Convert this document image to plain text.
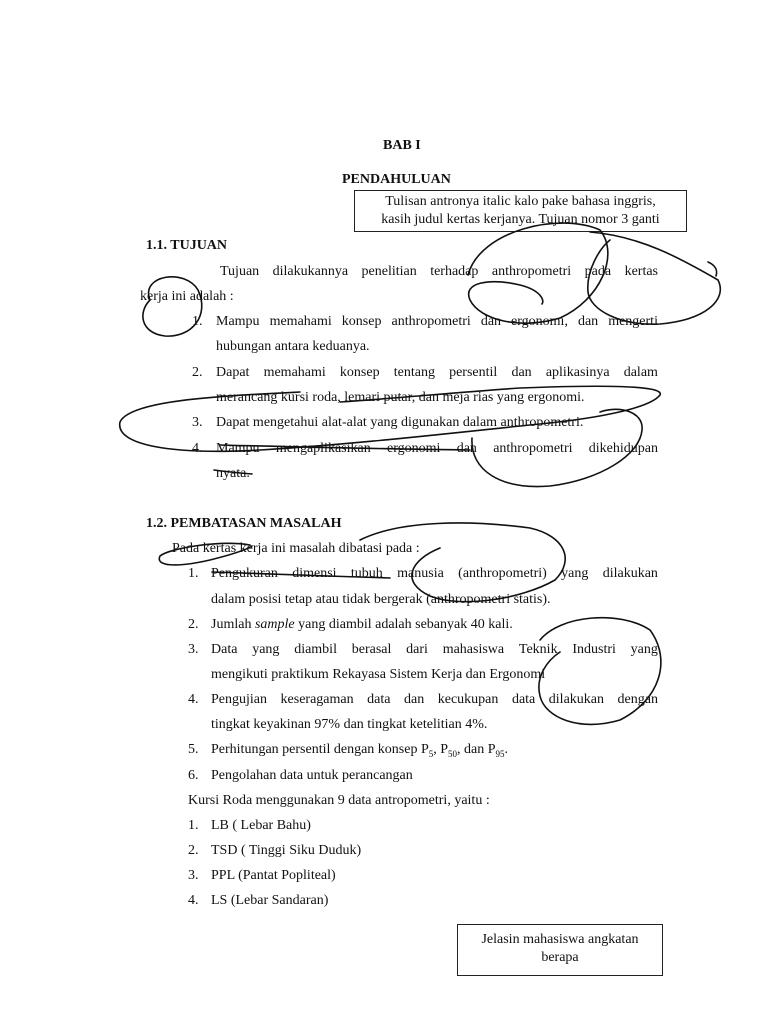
BAB I
PENDAHULUAN
Tulisan antronya italic kalo pake bahasa inggris,
kasih judul kertas kerjanya. Tujuan nomor 3 ganti
1.1. TUJUAN
Tujuan dilakukannya penelitian terhadap anthropometri pada kertas
kerja ini adalah :
1. Mampu memahami konsep anthropometri dan ergonomi, dan mengerti
hubungan antara keduanya.
2. Dapat memahami konsep tentang persentil dan aplikasinya dalam
merancang kursi roda, lemari putar, dan meja rias yang ergonomi.
3. Dapat mengetahui alat-alat yang digunakan dalam anthropometri.
4. Mampu mengaplikasikan ergonomi dan anthropometri dikehidupan
nyata.
1.2. PEMBATASAN MASALAH
Pada kertas kerja ini masalah dibatasi pada :
1. Pengukuran dimensi tubuh manusia (anthropometri) yang dilakukan
dalam posisi tetap atau tidak bergerak (anthropometri statis).
2. Jumlah sample yang diambil adalah sebanyak 40 kali.
3. Data yang diambil berasal dari mahasiswa Teknik Industri yang
mengikuti praktikum Rekayasa Sistem Kerja dan Ergonomi
4. Pengujian keseragaman data dan kecukupan data dilakukan dengan
tingkat keyakinan 97% dan tingkat ketelitian 4%.
5. Perhitungan persentil dengan konsep $P_5$, $P_{50}$, dan $P_{95}$.
6. Pengolahan data untuk perancangan
Kursi Roda menggunakan 9 data antropometri, yaitu :
1. LB ( Lebar Bahu)
2. TSD ( Tinggi Siku Duduk)
3. PPL (Pantat Popliteal)
4. LS (Lebar Sandaran)
Jelasin mahasiswa angkatan
berapa
